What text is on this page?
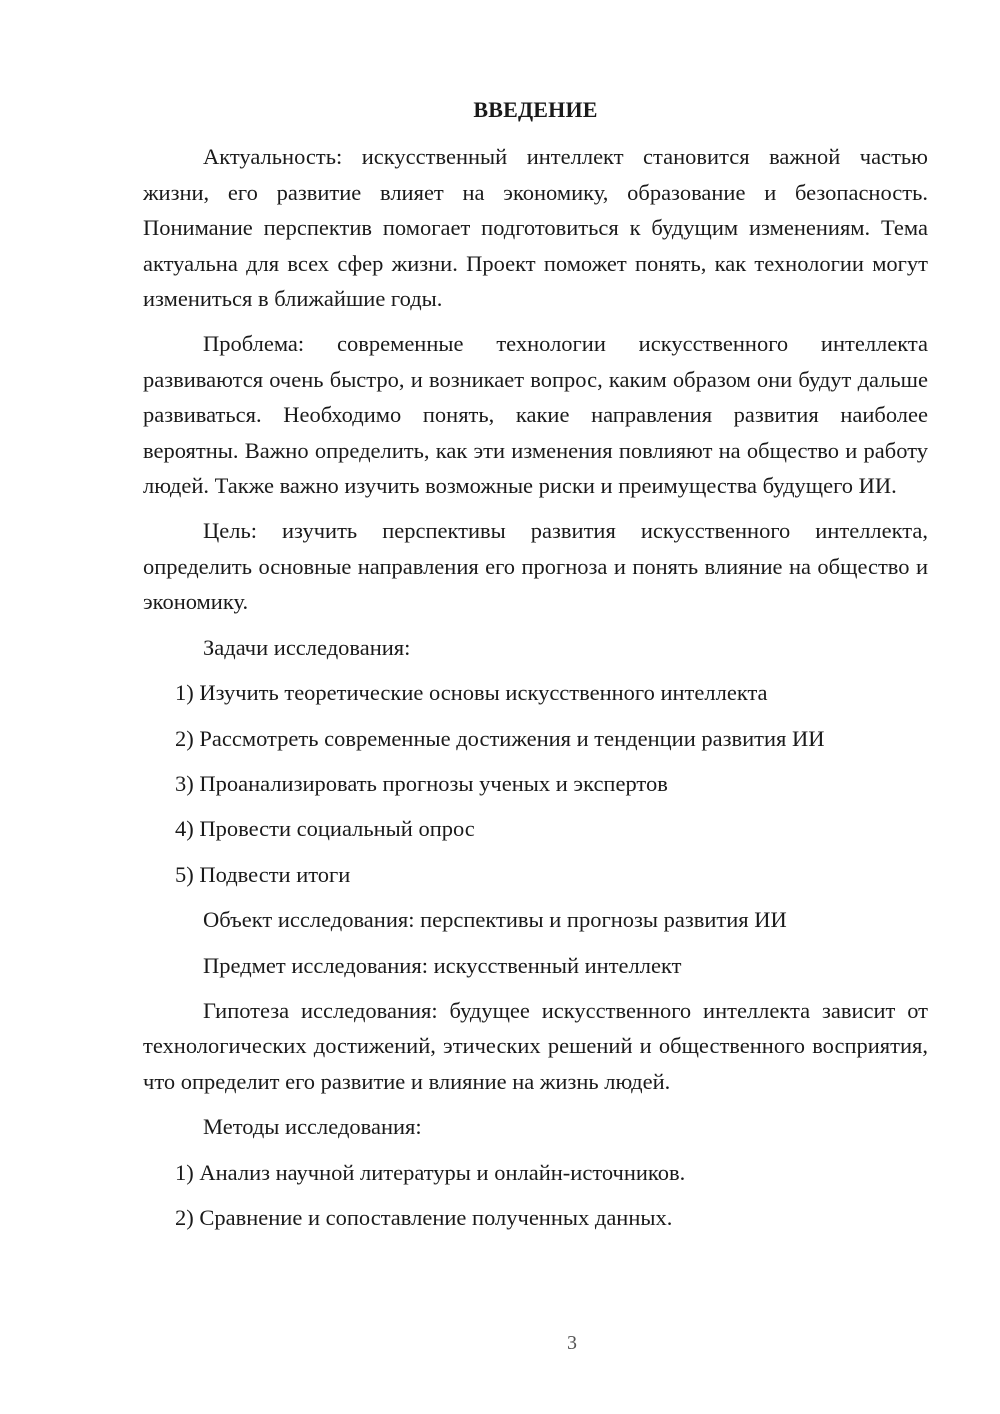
ВВЕДЕНИЕ

Актуальность: искусственный интеллект становится важной частью жизни, его развитие влияет на экономику, образование и безопасность. Понимание перспектив помогает подготовиться к будущим изменениям. Тема актуальна для всех сфер жизни. Проект поможет понять, как технологии могут измениться в ближайшие годы.

Проблема: современные технологии искусственного интеллекта развиваются очень быстро, и возникает вопрос, каким образом они будут дальше развиваться. Необходимо понять, какие направления развития наиболее вероятны. Важно определить, как эти изменения повлияют на общество и работу людей. Также важно изучить возможные риски и преимущества будущего ИИ.

Цель: изучить перспективы развития искусственного интеллекта, определить основные направления его прогноза и понять влияние на общество и экономику.

Задачи исследования:
1) Изучить теоретические основы искусственного интеллекта
2) Рассмотреть современные достижения и тенденции развития ИИ
3) Проанализировать прогнозы ученых и экспертов
4) Провести социальный опрос
5) Подвести итоги
Объект исследования: перспективы и прогнозы развития ИИ
Предмет исследования: искусственный интеллект

Гипотеза исследования: будущее искусственного интеллекта зависит от технологических достижений, этических решений и общественного восприятия, что определит его развитие и влияние на жизнь людей.

Методы исследования:
1) Анализ научной литературы и онлайн-источников.
2) Сравнение и сопоставление полученных данных.
3
